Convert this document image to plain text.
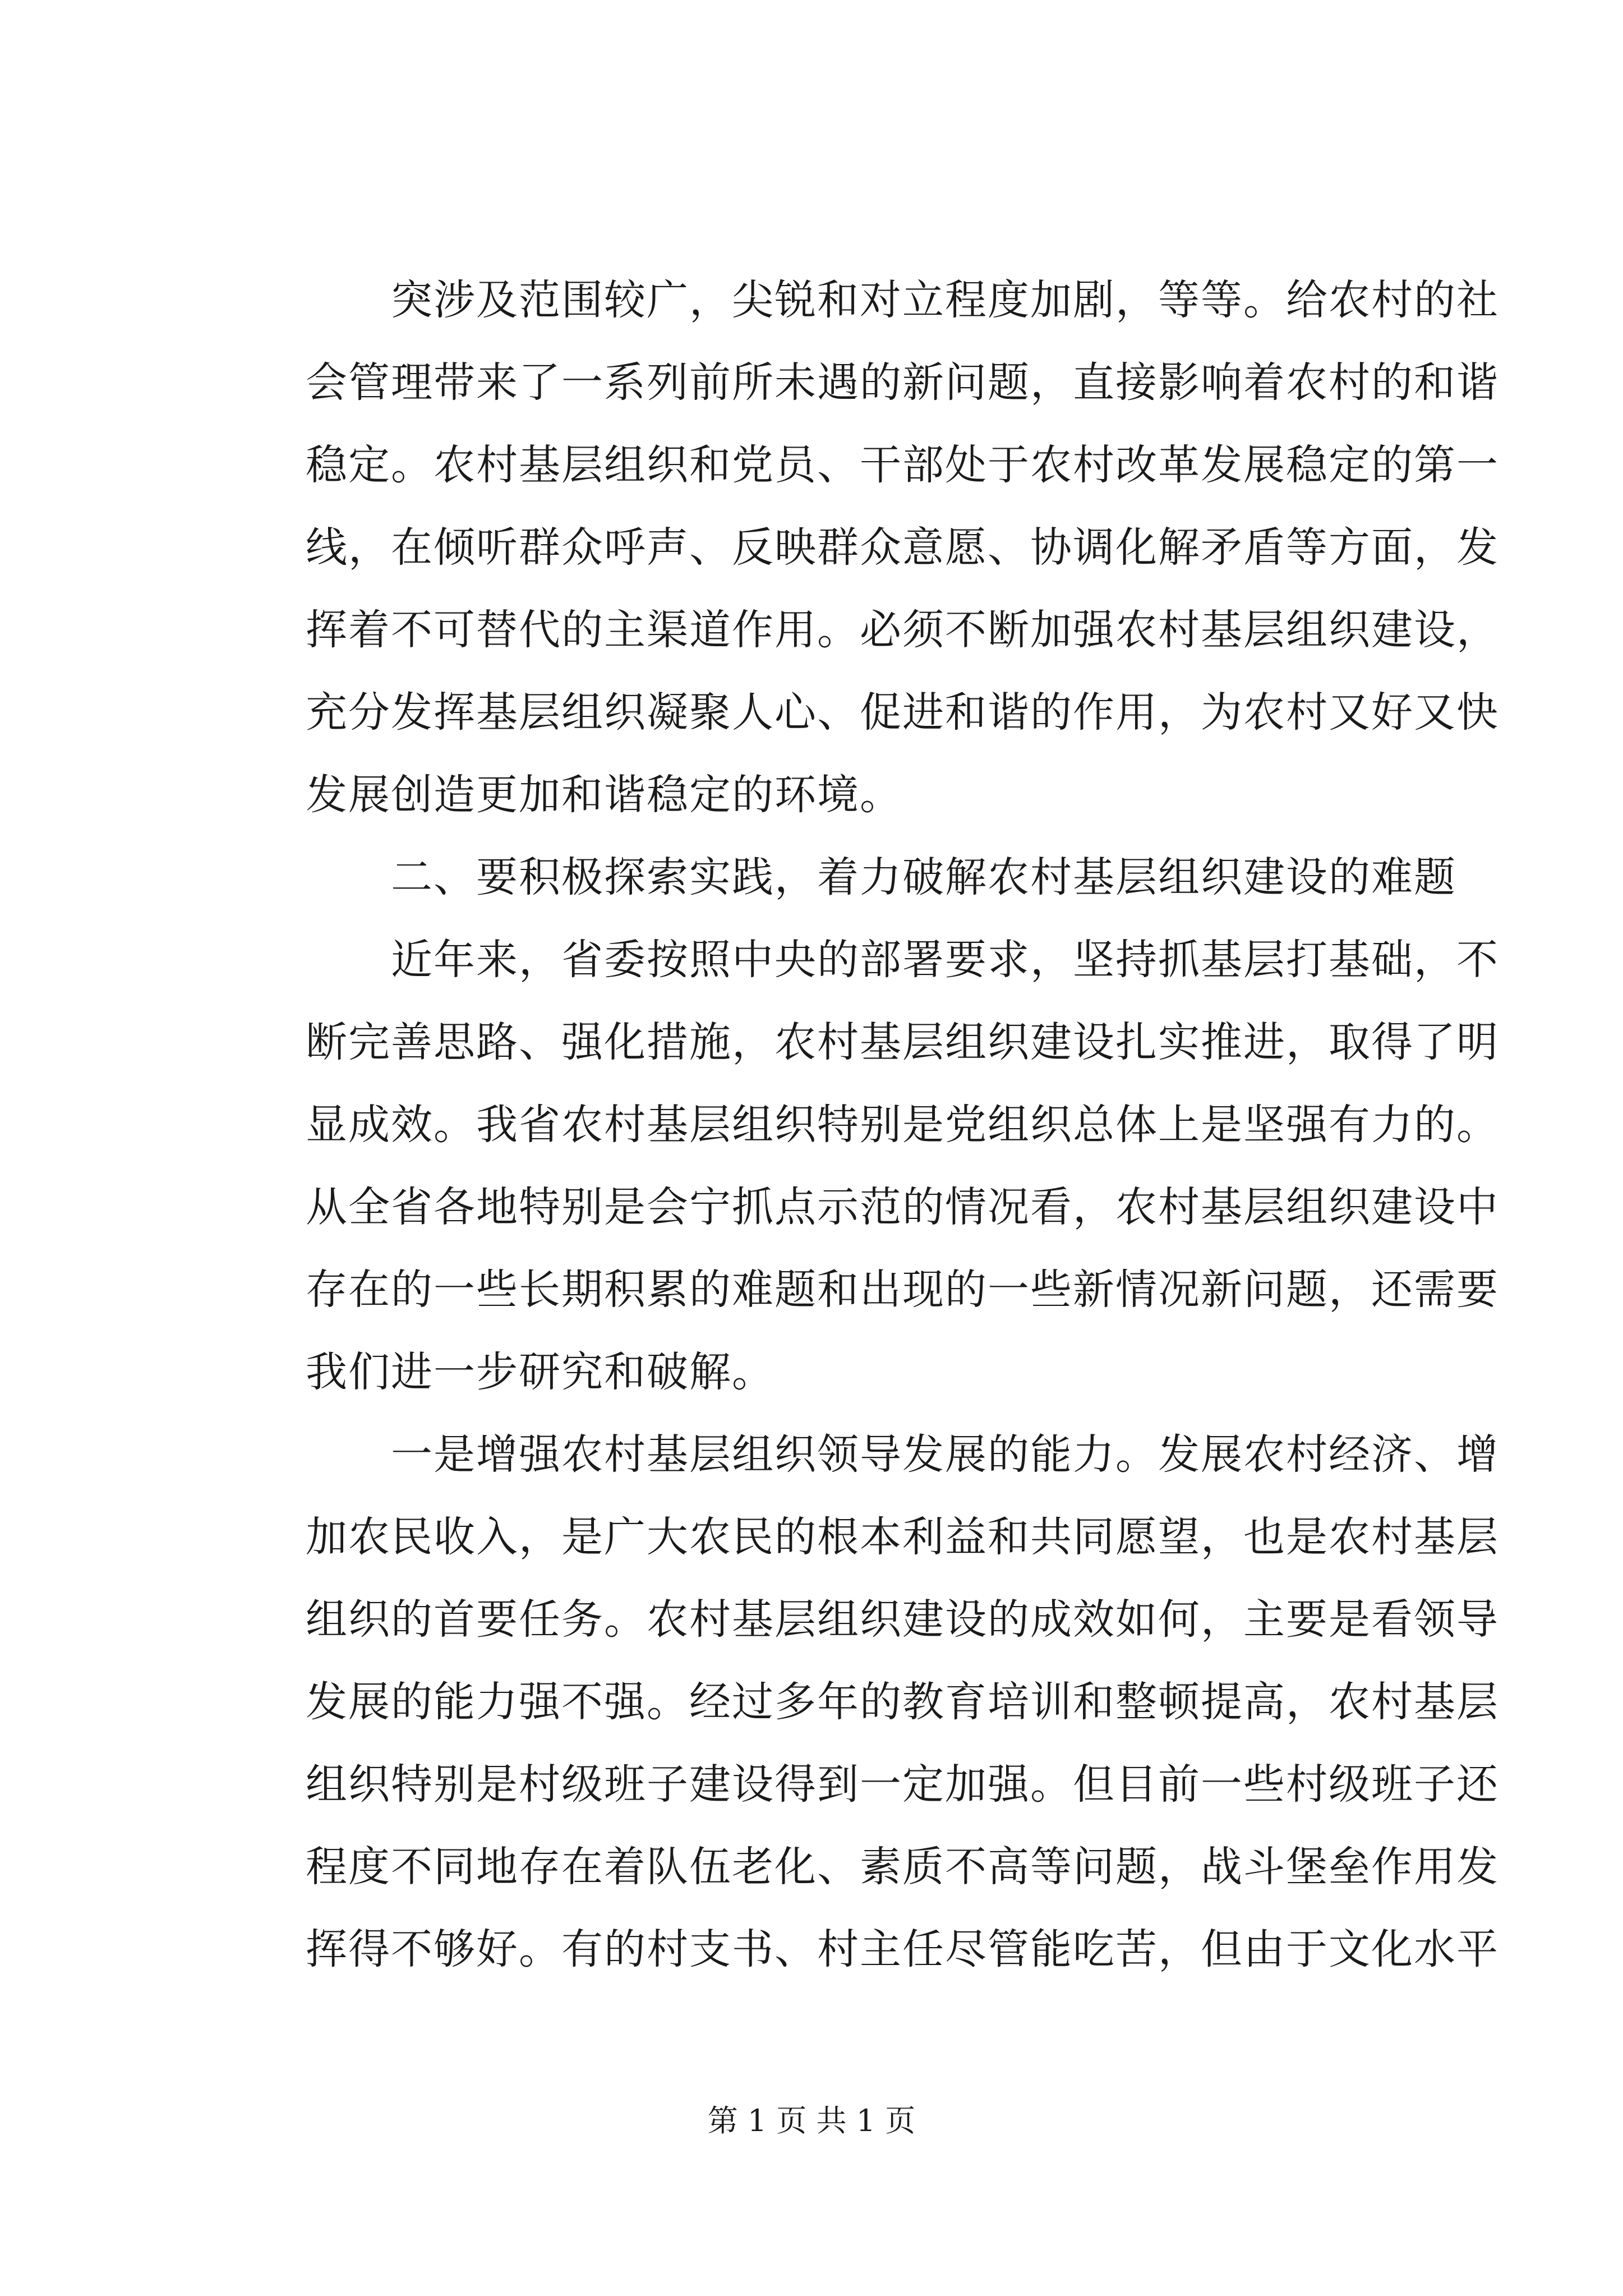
突涉及范围较广，尖锐和对立程度加剧，等等。给农村的社
会管理带来了一系列前所未遇的新问题，直接影响着农村的和谐
稳定。农村基层组织和党员、干部处于农村改革发展稳定的第一
线，在倾听群众呼声、反映群众意愿、协调化解矛盾等方面，发
挥着不可替代的主渠道作用。必须不断加强农村基层组织建设，
充分发挥基层组织凝聚人心、促进和谐的作用，为农村又好又快
发展创造更加和谐稳定的环境。
二、要积极探索实践，着力破解农村基层组织建设的难题
近年来，省委按照中央的部署要求，坚持抓基层打基础，不
断完善思路、强化措施，农村基层组织建设扎实推进，取得了明
显成效。我省农村基层组织特别是党组织总体上是坚强有力的。
从全省各地特别是会宁抓点示范的情况看，农村基层组织建设中
存在的一些长期积累的难题和出现的一些新情况新问题，还需要
我们进一步研究和破解。
一是增强农村基层组织领导发展的能力。发展农村经济、增
加农民收入，是广大农民的根本利益和共同愿望，也是农村基层
组织的首要任务。农村基层组织建设的成效如何，主要是看领导
发展的能力强不强。经过多年的教育培训和整顿提高，农村基层
组织特别是村级班子建设得到一定加强。但目前一些村级班子还
程度不同地存在着队伍老化、素质不高等问题，战斗堡垒作用发
挥得不够好。有的村支书、村主任尽管能吃苦，但由于文化水平
第 1 页 共 1 页
